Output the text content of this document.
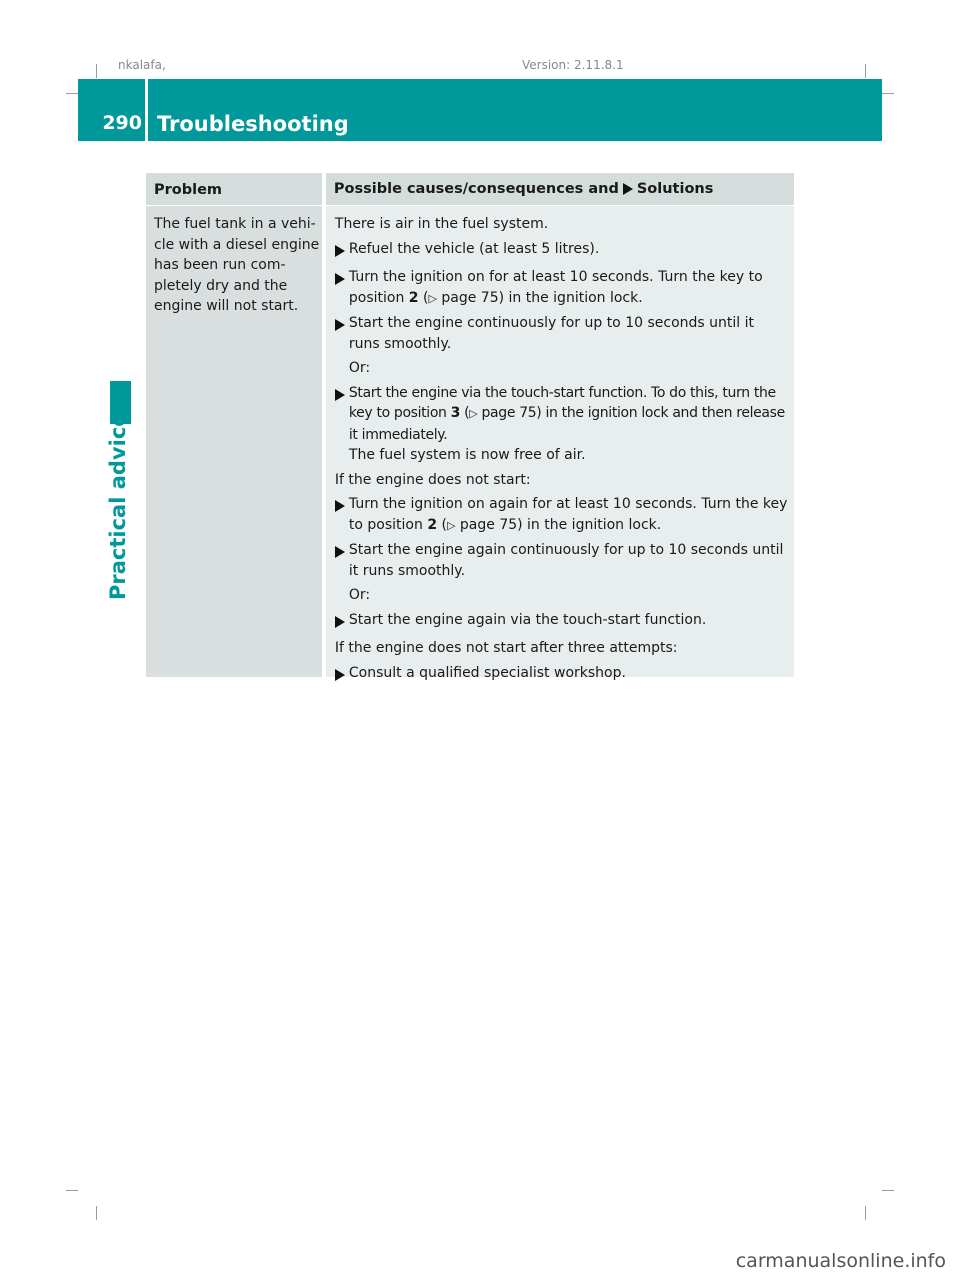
nkalafa,	Version: 2.11.8.1
290 Troubleshooting
Practical advice
Problem	Possible causes/consequences and Solutions
The fuel tank in a vehi-
cle with a diesel engine
has been run com-
pletely dry and the
engine will not start.
There is air in the fuel system.
Refuel the vehicle (at least 5 litres).
Turn the ignition on for at least 10 seconds. Turn the key to position 2 (▷ page 75) in the ignition lock.
Start the engine continuously for up to 10 seconds until it runs smoothly.
Or:
Start the engine via the touch-start function. To do this, turn the key to position 3 (▷ page 75) in the ignition lock and then release it immediately.
The fuel system is now free of air.
If the engine does not start:
Turn the ignition on again for at least 10 seconds. Turn the key to position 2 (▷ page 75) in the ignition lock.
Start the engine again continuously for up to 10 seconds until it runs smoothly.
Or:
Start the engine again via the touch-start function.
If the engine does not start after three attempts:
Consult a qualified specialist workshop.
carmanualsonline.info
